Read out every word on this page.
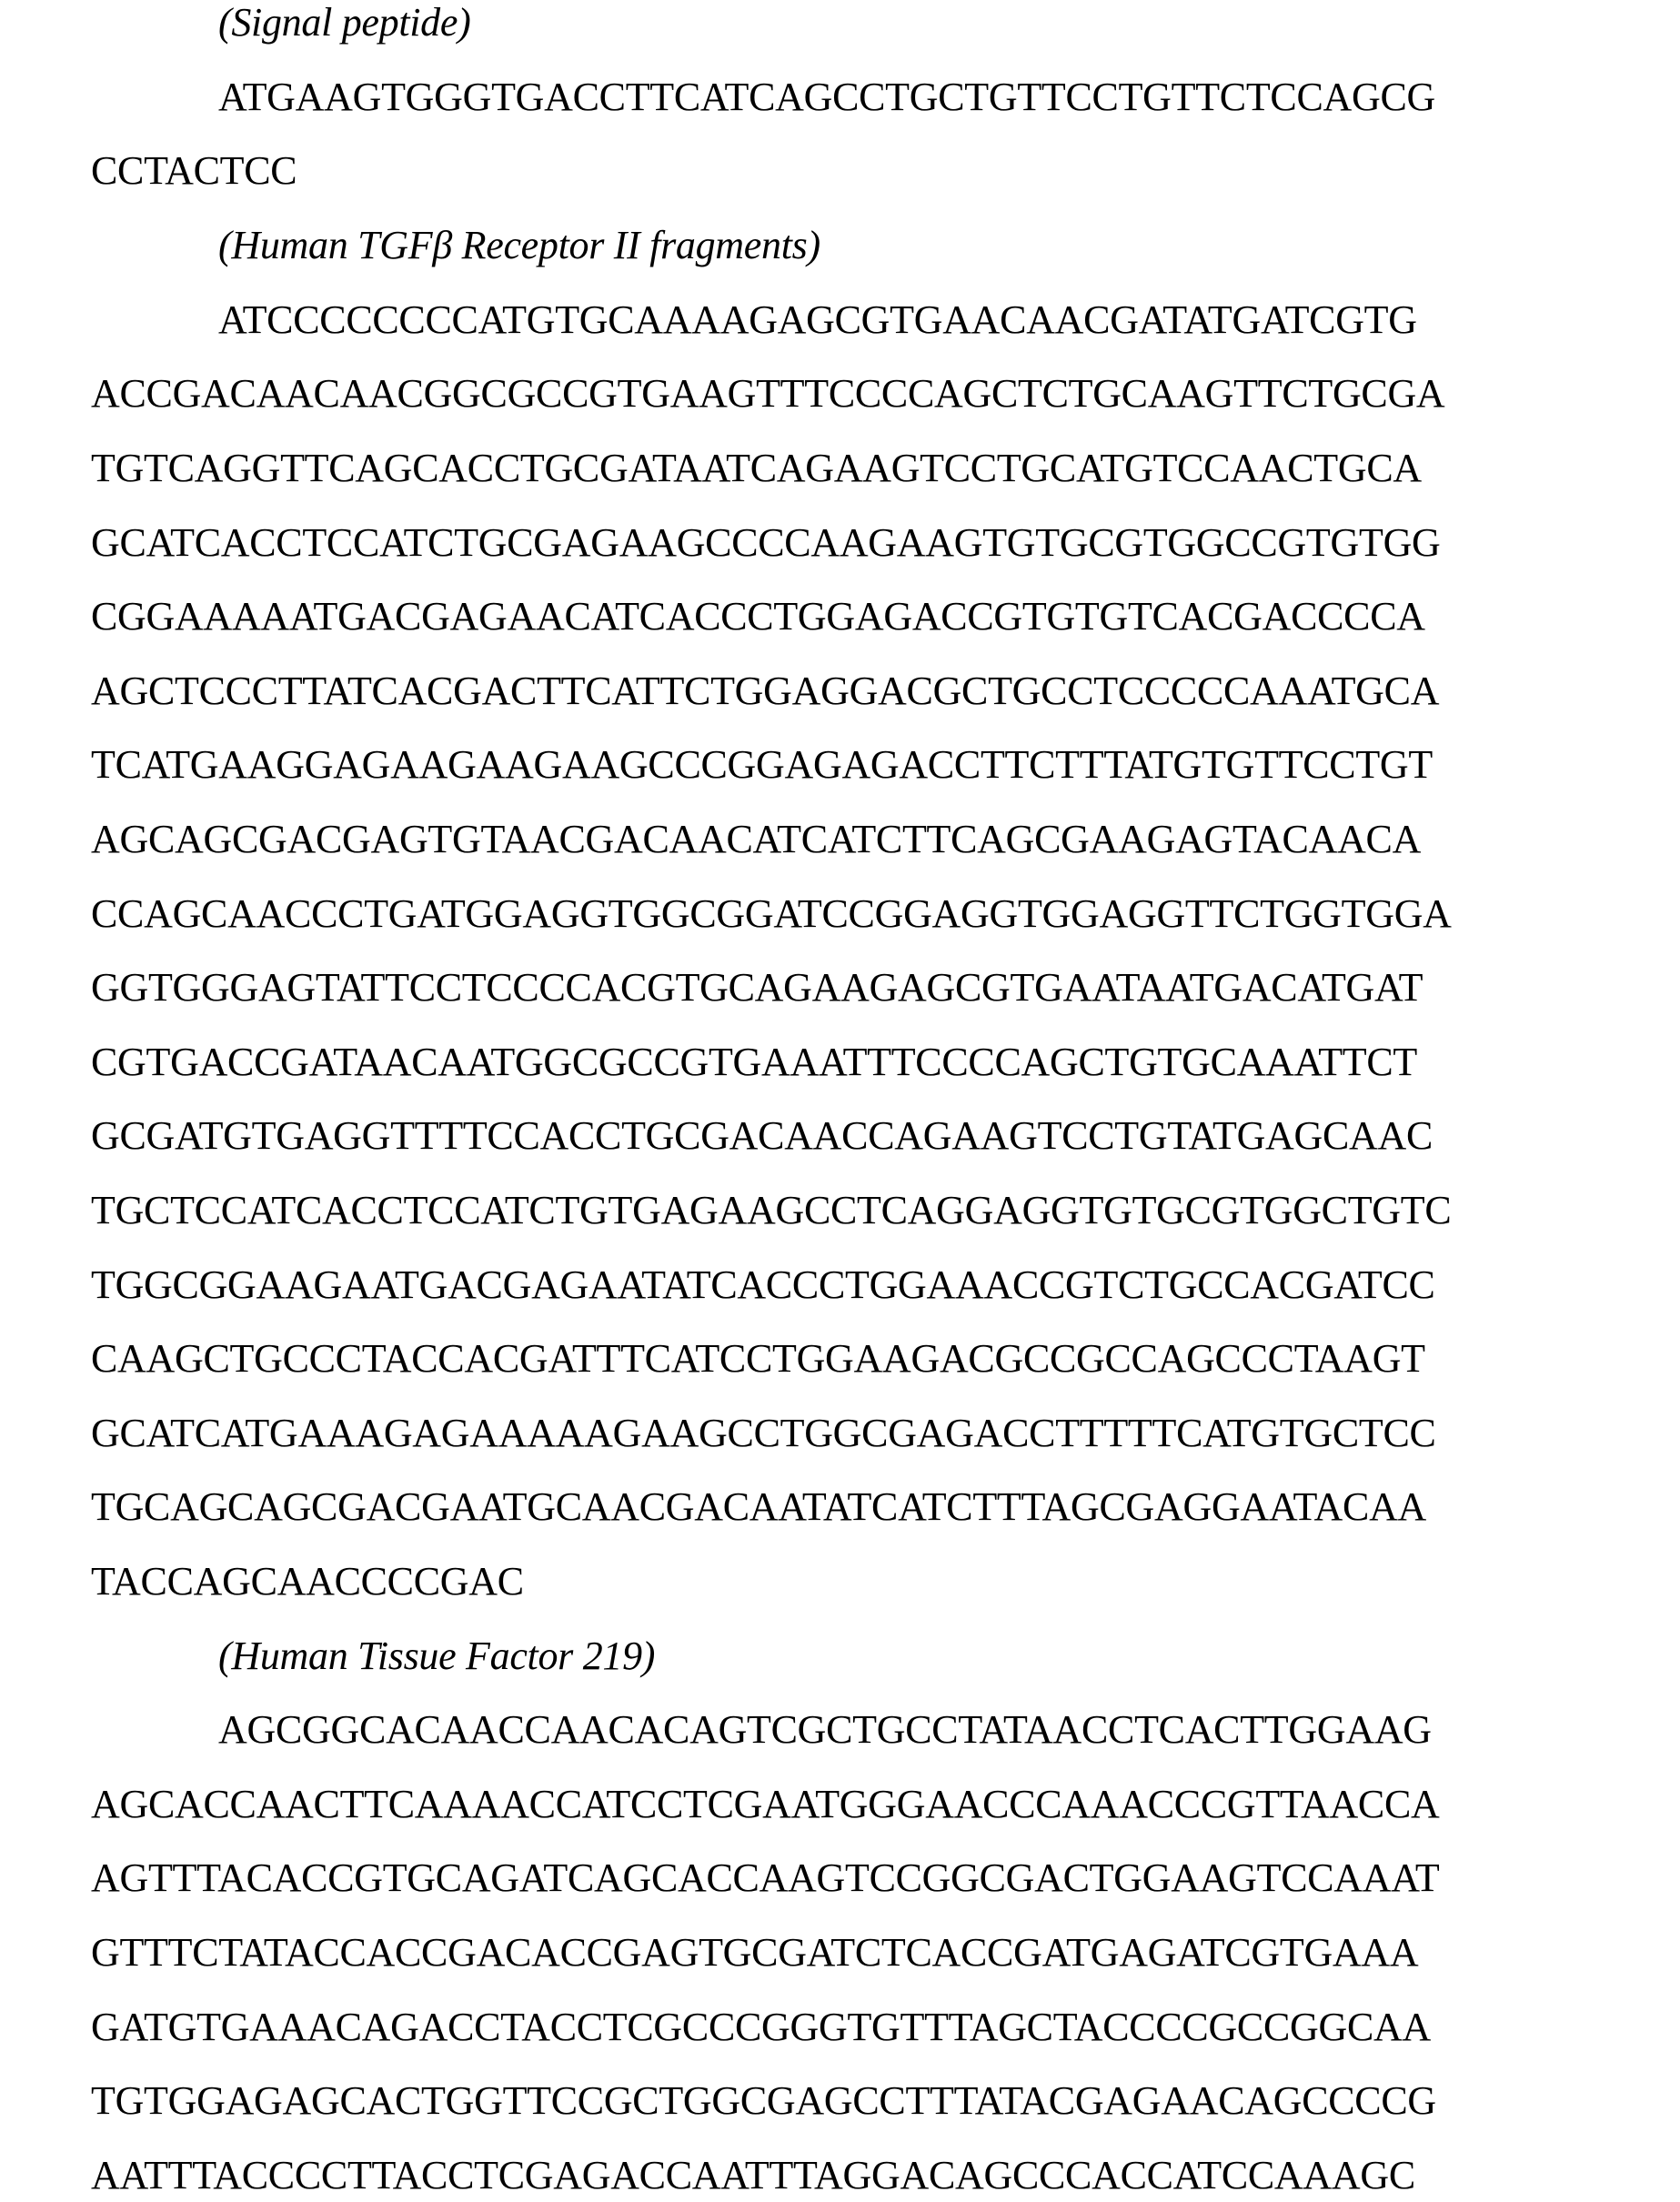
(Signal peptide)
ATGAAGTGGGTGACCTTCATCAGCCTGCTGTTCCTGTTCTCCAGCG
CCTACTCC
(Human TGFβ Receptor II fragments)
ATCCCCCCCCATGTGCAAAAGAGCGTGAACAACGATATGATCGTG
ACCGACAACAACGGCGCCGTGAAGTTTCCCCAGCTCTGCAAGTTCTGCGA
TGTCAGGTTCAGCACCTGCGATAATCAGAAGTCCTGCATGTCCAACTGCA
GCATCACCTCCATCTGCGAGAAGCCCCAAGAAGTGTGCGTGGCCGTGTGG
CGGAAAAATGACGAGAACATCACCCTGGAGACCGTGTGTCACGACCCCA
AGCTCCCTTATCACGACTTCATTCTGGAGGACGCTGCCTCCCCCAAATGCA
TCATGAAGGAGAAGAAGAAGCCCGGAGAGACCTTCTTTATGTGTTCCTGT
AGCAGCGACGAGTGTAACGACAACATCATCTTCAGCGAAGAGTACAACA
CCAGCAACCCTGATGGAGGTGGCGGATCCGGAGGTGGAGGTTCTGGTGGA
GGTGGGAGTATTCCTCCCCACGTGCAGAAGAGCGTGAATAATGACATGAT
CGTGACCGATAACAATGGCGCCGTGAAATTTCCCCAGCTGTGCAAATTCT
GCGATGTGAGGTTTTCCACCTGCGACAACCAGAAGTCCTGTATGAGCAAC
TGCTCCATCACCTCCATCTGTGAGAAGCCTCAGGAGGTGTGCGTGGCTGTC
TGGCGGAAGAATGACGAGAATATCACCCTGGAAACCGTCTGCCACGATCC
CAAGCTGCCCTACCACGATTTCATCCTGGAAGACGCCGCCAGCCCTAAGT
GCATCATGAAAGAGAAAAAGAAGCCTGGCGAGACCTTTTTCATGTGCTCC
TGCAGCAGCGACGAATGCAACGACAATATCATCTTTAGCGAGGAATACAA
TACCAGCAACCCCGAC
(Human Tissue Factor 219)
AGCGGCACAACCAACACAGTCGCTGCCTATAACCTCACTTGGAAG
AGCACCAACTTCAAAACCATCCTCGAATGGGAACCCAAACCCGTTAACCA
AGTTTACACCGTGCAGATCAGCACCAAGTCCGGCGACTGGAAGTCCAAAT
GTTTCTATACCACCGACACCGAGTGCGATCTCACCGATGAGATCGTGAAA
GATGTGAAACAGACCTACCTCGCCCGGGTGTTTAGCTACCCCGCCGGCAA
TGTGGAGAGCACTGGTTCCGCTGGCGAGCCTTTATACGAGAACAGCCCCG
AATTTACCCCTTACCTCGAGACCAATTTAGGACAGCCCACCATCCAAAGC
